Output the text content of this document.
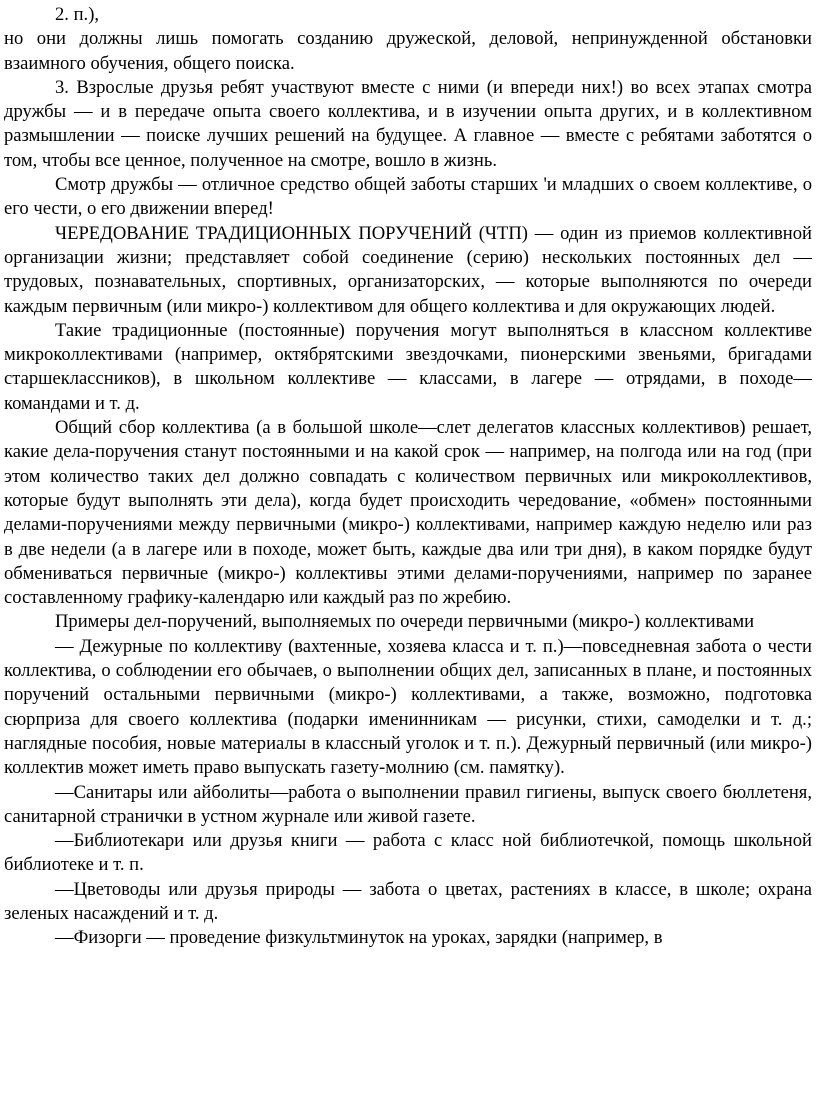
2. п.),

но они должны лишь помогать созданию дружеской, деловой, непринужденной обстановки взаимного обучения, общего поиска.

3. Взрослые друзья ребят участвуют вместе с ними (и впереди них!) во всех этапах смотра дружбы — и в передаче опыта своего коллектива, и в изучении опыта других, и в коллективном размышлении — поиске лучших решений на будущее. А главное — вместе с ребятами заботятся о том, чтобы все ценное, полученное на смотре, вошло в жизнь.

Смотр дружбы — отличное средство общей заботы старших 'и младших о своем коллективе, о его чести, о его движении вперед!

ЧЕРЕДОВАНИЕ ТРАДИЦИОННЫХ ПОРУЧЕНИЙ (ЧТП) — один из приемов коллективной организации жизни; представляет собой соединение (серию) нескольких постоянных дел — трудовых, познавательных, спортивных, организаторских, — которые выполняются по очереди каждым первичным (или микро-) коллективом для общего коллектива и для окружающих людей.

Такие традиционные (постоянные) поручения могут выполняться в классном коллективе микроколлективами (например, октябрятскими звездочками, пионерскими звеньями, бригадами старшеклассников), в школьном коллективе — классами, в лагере — отрядами, в походе— командами и т. д.

Общий сбор коллектива (а в большой школе—слет делегатов классных коллективов) решает, какие дела-поручения станут постоянными и на какой срок — например, на полгода или на год (при этом количество таких дел должно совпадать с количеством первичных или микроколлективов, которые будут выполнять эти дела), когда будет происходить чередование, «обмен» постоянными делами-поручениями между первичными (микро-) коллективами, например каждую неделю или раз в две недели (а в лагере или в походе, может быть, каждые два или три дня), в каком порядке будут обмениваться первичные (микро-) коллективы этими делами-поручениями, например по заранее составленному графику-календарю или каждый раз по жребию.

Примеры дел-поручений, выполняемых по очереди первичными (микро-) коллективами

— Дежурные по коллективу (вахтенные, хозяева класса и т. п.)—повседневная забота о чести коллектива, о соблюдении его обычаев, о выполнении общих дел, записанных в плане, и постоянных поручений остальными первичными (микро-) коллективами, а также, возможно, подготовка сюрприза для своего коллектива (подарки именинникам — рисунки, стихи, самоделки и т. д.; наглядные пособия, новые материалы в классный уголок и т. п.). Дежурный первичный (или микро-) коллектив может иметь право выпускать газету-молнию (см. памятку).

—Санитары или айболиты—работа о выполнении правил гигиены, выпуск своего бюллетеня, санитарной странички в устном журнале или живой газете.

—Библиотекари или друзья книги — работа с класс ной библиотечкой, помощь школьной библиотеке и т. п.

—Цветоводы или друзья природы — забота о цветах, растениях в классе, в школе; охрана зеленых насаждений и т. д.

—Физорги — проведение физкультминуток на уроках, зарядки (например, в
